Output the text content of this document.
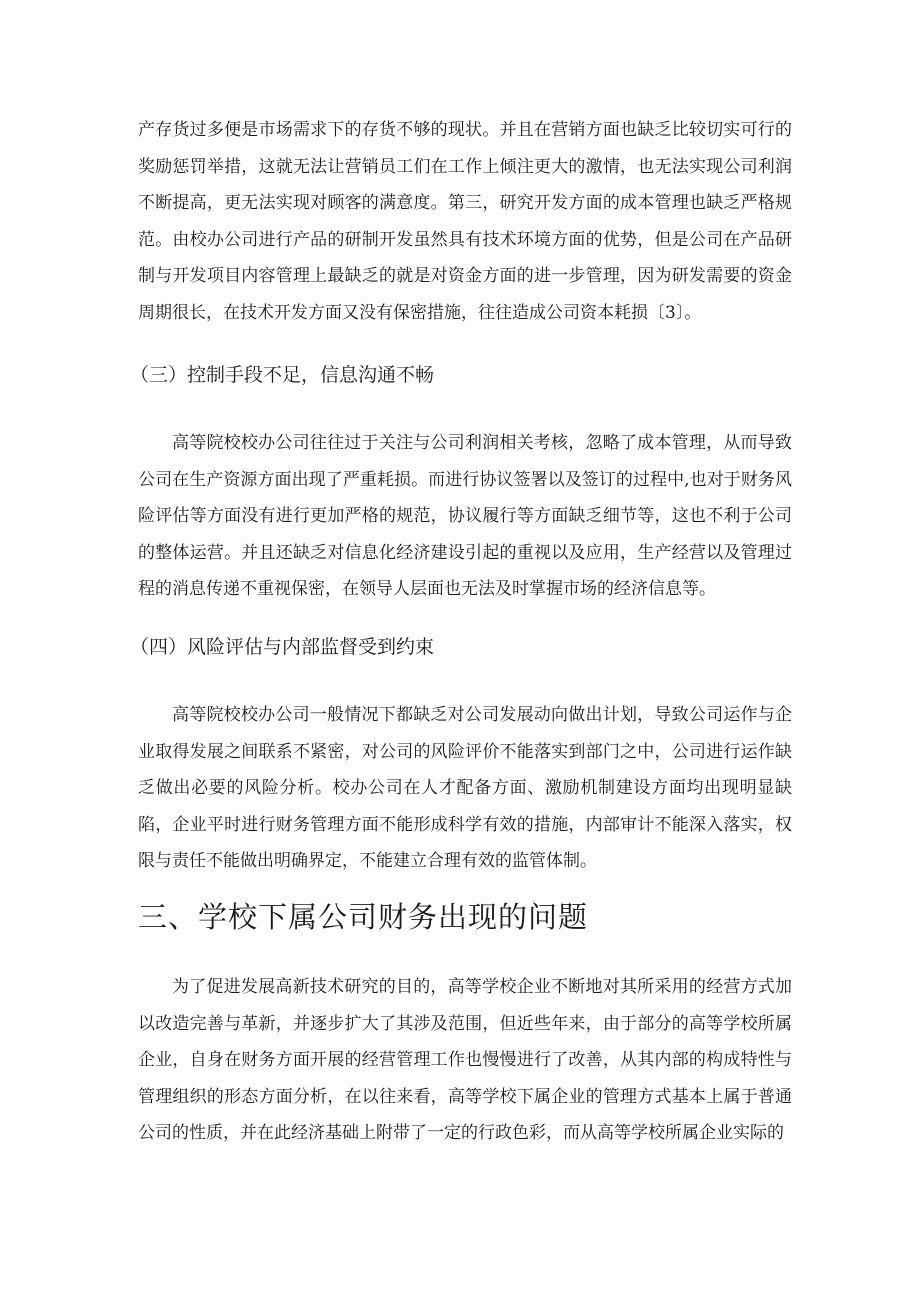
产存货过多便是市场需求下的存货不够的现状。并且在营销方面也缺乏比较切实可行的奖励惩罚举措，这就无法让营销员工们在工作上倾注更大的激情，也无法实现公司利润不断提高，更无法实现对顾客的满意度。第三，研究开发方面的成本管理也缺乏严格规范。由校办公司进行产品的研制开发虽然具有技术环境方面的优势，但是公司在产品研制与开发项目内容管理上最缺乏的就是对资金方面的进一步管理，因为研发需要的资金周期很长，在技术开发方面又没有保密措施，往往造成公司资本耗损〔3〕。

（三）控制手段不足，信息沟通不畅

高等院校校办公司往往过于关注与公司利润相关考核，忽略了成本管理，从而导致公司在生产资源方面出现了严重耗损。而进行协议签署以及签订的过程中,也对于财务风险评估等方面没有进行更加严格的规范，协议履行等方面缺乏细节等，这也不利于公司的整体运营。并且还缺乏对信息化经济建设引起的重视以及应用，生产经营以及管理过程的消息传递不重视保密，在领导人层面也无法及时掌握市场的经济信息等。

（四）风险评估与内部监督受到约束

高等院校校办公司一般情况下都缺乏对公司发展动向做出计划，导致公司运作与企业取得发展之间联系不紧密，对公司的风险评价不能落实到部门之中，公司进行运作缺乏做出必要的风险分析。校办公司在人才配备方面、激励机制建设方面均出现明显缺陷，企业平时进行财务管理方面不能形成科学有效的措施，内部审计不能深入落实，权限与责任不能做出明确界定，不能建立合理有效的监管体制。

三、学校下属公司财务出现的问题

为了促进发展高新技术研究的目的，高等学校企业不断地对其所采用的经营方式加以改造完善与革新，并逐步扩大了其涉及范围，但近些年来，由于部分的高等学校所属企业，自身在财务方面开展的经营管理工作也慢慢进行了改善，从其内部的构成特性与管理组织的形态方面分析，在以往来看，高等学校下属企业的管理方式基本上属于普通公司的性质，并在此经济基础上附带了一定的行政色彩，而从高等学校所属企业实际的
